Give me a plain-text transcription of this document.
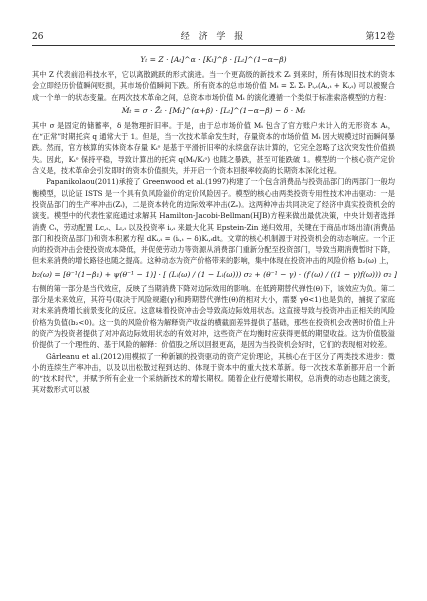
26	经 济 学 报	第12卷
Yₜ = Z · [Aₜ]^α · [Kₜ]^β · [Lₜ]^(1−α−β)

其中 Z 代表前沿科技水平，它以离散跳跃的形式演进。当一个更高级的新技术 Zₜ 到来时，所有体现旧技术的资本会立即经历价值瞬间贬损，其市场价值瞬间下跌。所有资本的总市场价值 Mₜ = Σᵢ Σₜ Pᵢ,ₜ(Aᵢ,ₜ + Kᵢ,ₜ) 可以被聚合成一个单一的状态变量。在两次技术革命之间，总资本市场价值 Mₜ 的演化遵循一个类似于标准索洛模型的方程：

Ṁₜ = σ · Z̃ₜ · [Mₜ]^(α+β) · [Lₜ]^(1−α−β) − δ · Mₜ

其中 σ 是固定的储蓄率，δ 是物理折旧率。于是，由于总市场价值 Mₜ 包含了官方账户未计入的无形资本 Aₜ，在“正常”时期托宾 q 通常大于 1。但是，当一次技术革命发生时，存量资本的市场价值 Mₜ 因大规模过时而瞬间暴跌。然而，官方核算的实体资本存量 Kₜᵒ 是基于平滑折旧率的永续盘存法计算的，它完全忽略了这次突发性价值损失。因此，Kₜᵒ 保持平稳，导致计算出的托宾 q(Mₜ/Kₜᵒ) 也随之暴跌，甚至可能跌破 1。模型的一个核心资产定价含义是，技术革命会引发即时的资本价值损失，并开启一个资本回报率较高的长期资本深化过程。

Papanikolaou(2011)承接了 Greenwood et al.(1997)构建了一个包含消费品与投资品部门的两部门一般均衡模型，以论证 ISTS 是一个具有负风险溢价的定价风险因子。模型的核心由两类投资专用性技术冲击驱动：一是投资品部门的生产率冲击(Zₜ)，二是资本转化的边际效率冲击(Zₑ)。这两种冲击共同决定了经济中真实投资机会的演变。模型中的代表性家庭通过求解其 Hamilton-Jacobi-Bellman(HJB)方程来做出最优决策，中央计划者选择消费 Cₜ，劳动配置 Lc,ₜ、Lₗ,ₜ 以及投资率 iᵢ,ₜ 来最大化其 Epstein-Zin 递归效用，关键在于商品市场出清(消费品部门和投资品部门)和资本积累方程 dKᵢ,ₜ = (iᵢ,ₜ − δ)Kᵢ,ₜdt。文章的核心机制源于对投资机会的动态响应。一个正向的投资冲击会使投资成本降低，并促使劳动力等资源从消费部门重新分配至投资部门，导致当期消费暂时下降，但未来消费的增长路径也随之提高。这种动态为资产价格带来的影响，集中体现在投资冲击的风险价格 b₂(ω) 上，

b₂(ω) = [θ⁻¹(1−β₁) + ψ(θ⁻¹ − 1)] · [ (Lᵢ(ω) / (1 − Lᵢ(ω))) σ₂ + (θ⁻¹ − γ) · (f′(ω) / ((1 − γ)f(ω))) σ₂ ]

右侧的第一部分是当代效应，反映了当期消费下降对边际效用的影响。在低跨期替代弹性(θ)下，该效应为负。第二部分是未来效应，其符号(取决于风险规避(γ)和跨期替代弹性(θ)的相对大小，需要 γθ<1)也是负的，捕捉了家庭对未来消费增长前景变化的反应。这意味着投资冲击会导致高边际效用状态。这直接导致与投资冲击正相关的风险价格为负值(b₂<0)。这一负的风险价格为解释资产收益的横截面差异提供了基础，那些在投资机会改善时价值上升的资产为投资者提供了对冲高边际效用状态的有效对冲，这些资产在均衡时应获得更低的期望收益。这为价值股溢价提供了一个理性的、基于风险的解释：价值股之所以回报更高，是因为当投资机会好时，它们的表现相对较差。

Gârleanu et al.(2012)用模拟了一种新颖的投资驱动的资产定价理论，其核心在于区分了两类技术进步：微小的连续生产率冲击，以及以出松散过程到达的、体现于资本中的重大技术革新。每一次技术革新都开启一个新的“技术时代”，并赋予所有企业一个采纳新技术的增长期权。随着企业行使增长期权，总消费的动态也随之演变，其对数形式可以被
